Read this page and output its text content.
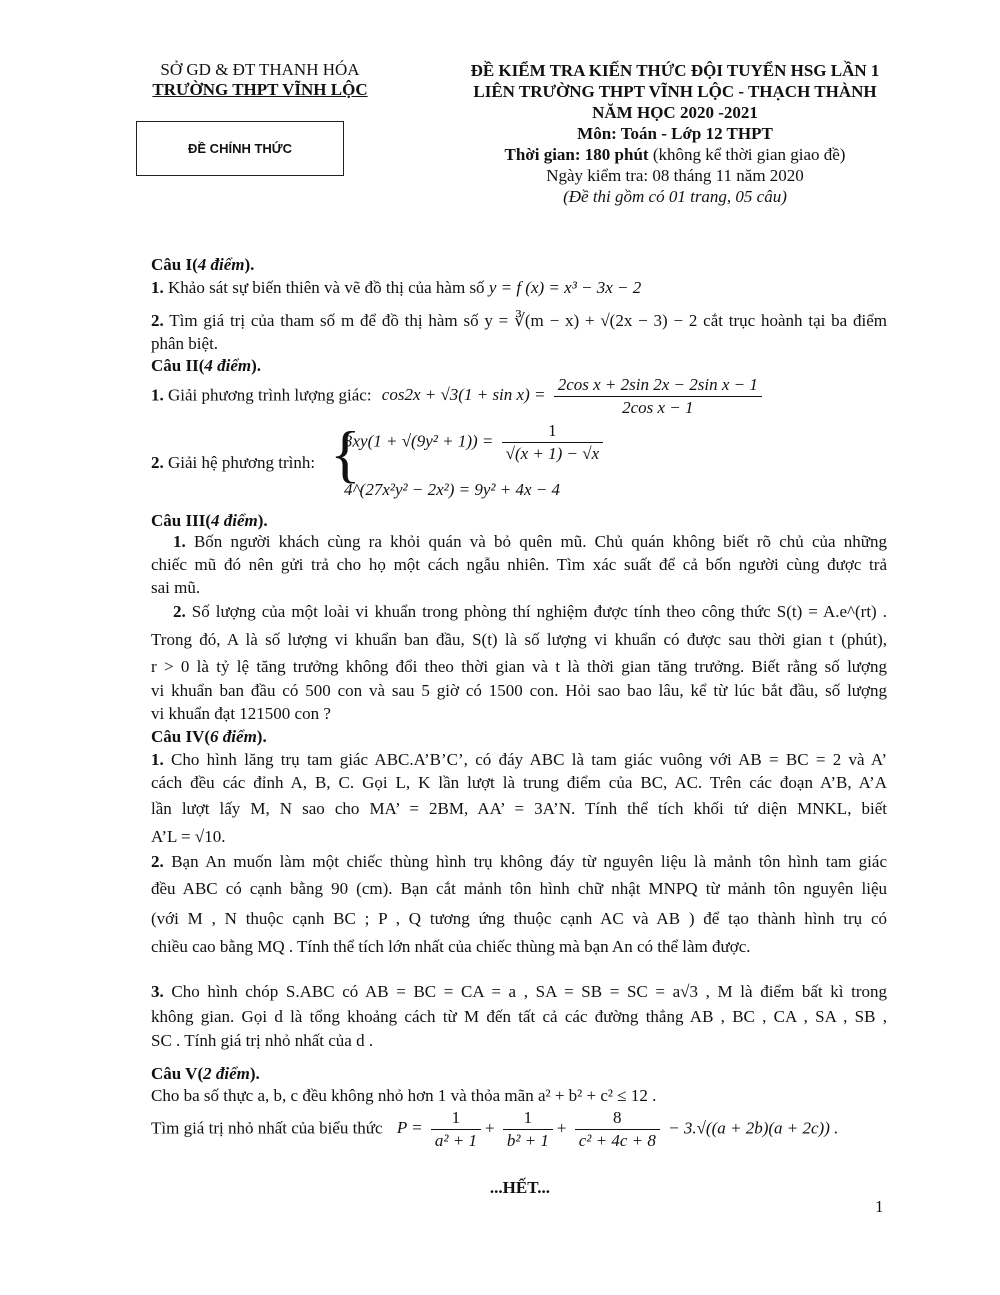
SỞ GD & ĐT THANH HÓA
TRƯỜNG THPT VĨNH LỘC
ĐỀ CHÍNH THỨC
ĐỀ KIỂM TRA KIẾN THỨC ĐỘI TUYỂN HSG LẦN 1
LIÊN TRƯỜNG THPT VĨNH LỘC - THẠCH THÀNH
NĂM HỌC 2020 -2021
Môn: Toán - Lớp 12 THPT
Thời gian: 180 phút (không kể thời gian giao đề)
Ngày kiểm tra: 08 tháng 11 năm 2020
(Đề thi gồm có 01 trang, 05 câu)
Câu I(4 điểm).
1. Khảo sát sự biến thiên và vẽ đồ thị của hàm số y = f (x) = x³ − 3x − 2
2. Tìm giá trị của tham số m để đồ thị hàm số y = ∛(m − x) + √(2x − 3) − 2 cắt trục hoành tại ba điểm
phân biệt.
Câu II(4 điểm).
1. Giải phương trình lượng giác: $\cos 2x + √3(1 + \sin x) = \frac{\text{2cos x + 2sin 2x − 2sin x − 1}}{\text{2cos x − 1}}$
2. Giải hệ phương trình: {
$3xy(1 + √(9y^2 + 1)) = \frac{1}{√(x + 1) - √x}$
4^(27x²y² − 2x²) = 9y² + 4x − 4
Câu III(4 điểm).
1. Bốn người khách cùng ra khỏi quán và bỏ quên mũ. Chủ quán không biết rõ chủ của những
chiếc mũ đó nên gửi trả cho họ một cách ngẫu nhiên. Tìm xác suất để cả bốn người cùng được trả
sai mũ.
2. Số lượng của một loài vi khuẩn trong phòng thí nghiệm được tính theo công thức S(t) = A.e^(rt) .
Trong đó, A là số lượng vi khuẩn ban đầu, S(t) là số lượng vi khuẩn có được sau thời gian t (phút),
r > 0 là tỷ lệ tăng trưởng không đổi theo thời gian và t là thời gian tăng trưởng. Biết rằng số lượng
vi khuẩn ban đầu có 500 con và sau 5 giờ có 1500 con. Hỏi sao bao lâu, kể từ lúc bắt đầu, số lượng
vi khuẩn đạt 121500 con ?
Câu IV(6 điểm).
1. Cho hình lăng trụ tam giác ABC.A’B’C’, có đáy ABC là tam giác vuông với AB = BC = 2 và A’
cách đều các đỉnh A, B, C. Gọi L, K lần lượt là trung điểm của BC, AC. Trên các đoạn A’B, A’A
lần lượt lấy M, N sao cho MA’ = 2BM, AA’ = 3A’N. Tính thể tích khối tứ diện MNKL, biết
A’L = √10.
2. Bạn An muốn làm một chiếc thùng hình trụ không đáy từ nguyên liệu là mảnh tôn hình tam giác
đều ABC có cạnh bằng 90 (cm). Bạn cắt mảnh tôn hình chữ nhật MNPQ từ mảnh tôn nguyên liệu
(với M , N thuộc cạnh BC ; P , Q tương ứng thuộc cạnh AC và AB ) để tạo thành hình trụ có
chiều cao bằng MQ . Tính thể tích lớn nhất của chiếc thùng mà bạn An có thể làm được.
3. Cho hình chóp S.ABC có AB = BC = CA = a , SA = SB = SC = a√3 , M là điểm bất kì trong
không gian. Gọi d là tổng khoảng cách từ M đến tất cả các đường thẳng AB , BC , CA , SA , SB ,
SC . Tính giá trị nhỏ nhất của d .
Câu V(2 điểm).
Cho ba số thực a, b, c đều không nhỏ hơn 1 và thỏa mãn a² + b² + c² ≤ 12 .
Tìm giá trị nhỏ nhất của biểu thức $P = \frac{1}{\text{a² + 1}} + \frac{1}{\text{b² + 1}} + \frac{8}{\text{c² + 4c + 8}} - 3.√((a + 2b)(a + 2c))$ .
...HẾT...
1
